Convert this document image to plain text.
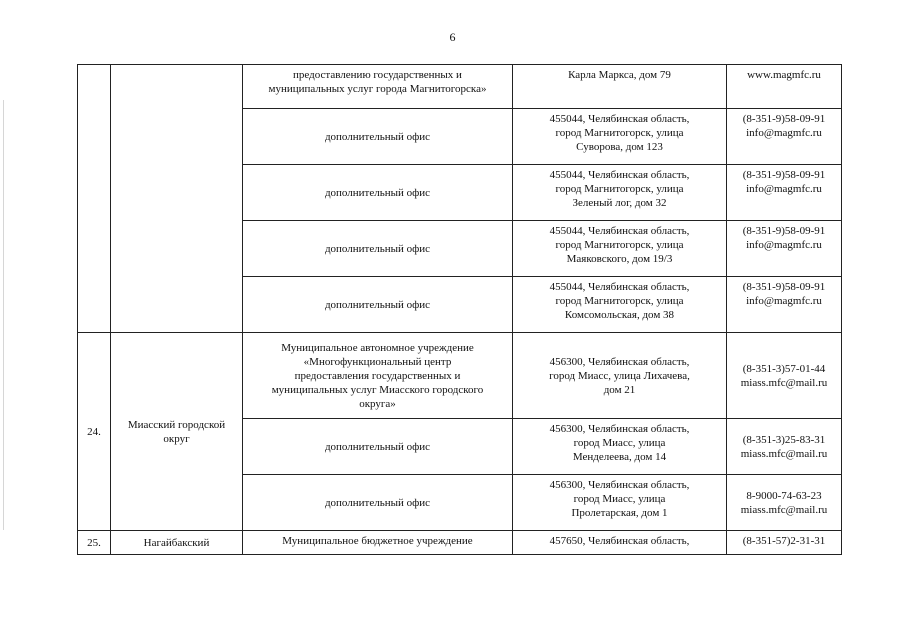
6

		предоставлению государственных и
муниципальных услуг города Магнитогорска»	Карла Маркса, дом 79	www.magmfc.ru

		дополнительный офис	455044, Челябинская область,
город Магнитогорск, улица
Суворова, дом 123	(8-351-9)58-09-91
info@magmfc.ru

		дополнительный офис	455044, Челябинская область,
город Магнитогорск, улица
Зеленый лог, дом 32	(8-351-9)58-09-91
info@magmfc.ru

		дополнительный офис	455044, Челябинская область,
город Магнитогорск, улица
Маяковского, дом 19/3	(8-351-9)58-09-91
info@magmfc.ru

		дополнительный офис	455044, Челябинская область,
город Магнитогорск, улица
Комсомольская, дом 38	(8-351-9)58-09-91
info@magmfc.ru

24.	Миасский городской
округ	Муниципальное автономное учреждение
«Многофункциональный центр
предоставления государственных и
муниципальных услуг Миасского городского
округа»	456300, Челябинская область,
город Миасс, улица Лихачева,
дом 21	(8-351-3)57-01-44
miass.mfc@mail.ru

		дополнительный офис	456300, Челябинская область,
город Миасс, улица
Менделеева, дом 14	(8-351-3)25-83-31
miass.mfc@mail.ru

		дополнительный офис	456300, Челябинская область,
город Миасс, улица
Пролетарская, дом 1	8-9000-74-63-23
miass.mfc@mail.ru

25.	Нагайбакский	Муниципальное бюджетное учреждение	457650, Челябинская область,	(8-351-57)2-31-31
